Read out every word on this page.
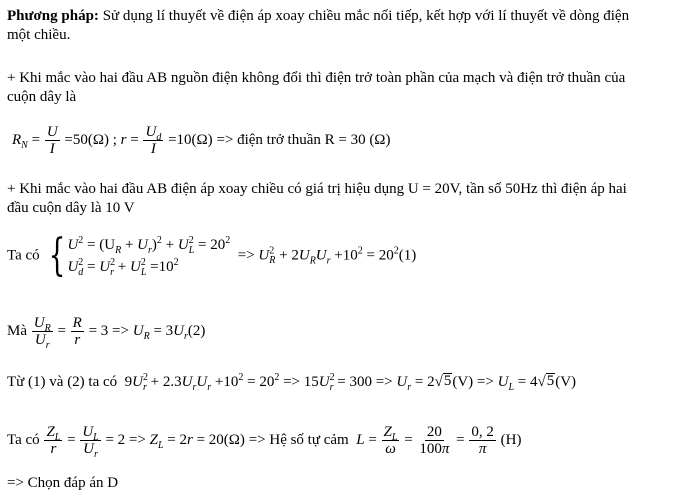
Phương pháp: Sử dụng lí thuyết về điện áp xoay chiều mắc nối tiếp, kết hợp với lí thuyết về dòng điện
một chiều.
+ Khi mắc vào hai đầu AB nguồn điện không đổi thì điện trở toàn phần của mạch và điện trở thuần của
cuộn dây là
$R_N = \frac{U}{I} =50(\Omega)$ ; $r = \frac{U_d}{I} =10(\Omega)$ => điện trở thuần R = 30 (Ω)
+ Khi mắc vào hai đầu AB điện áp xoay chiều có giá trị hiệu dụng U = 20V, tần số 50Hz thì điện áp hai
đầu cuộn dây là 10 V
Ta có { $U^2 = (U_R + U_r)^2 + U^2_L = 20^2$
$U^2_d = U^2_r + U^2_L =10^2$	=> $U^2_R + 2U_RU_r +10^2 = 20^2(1)$
Mà $\frac{U_R}{U_r} = \frac{R}{r} = 3 => U_R = 3U_r(2)$
Từ (1) và (2) ta có  $9U^2_r + 2.3U_rU_r +10^2 = 20^2 => 15U^2_r = 300 => U_r = 2√$ 5 $(V) => U_L = 4√$ 5 (V)
Ta có $\frac{Z_L}{r} = \frac{U_L}{U_r} = 2 => Z_L = 2r = 20(\Omega)$ => Hệ số tự cảm $L = \frac{Z_L}{\omega} = \frac{20}{100\pi} = \frac{0, 2}{\pi} (H)$
=> Chọn đáp án D
